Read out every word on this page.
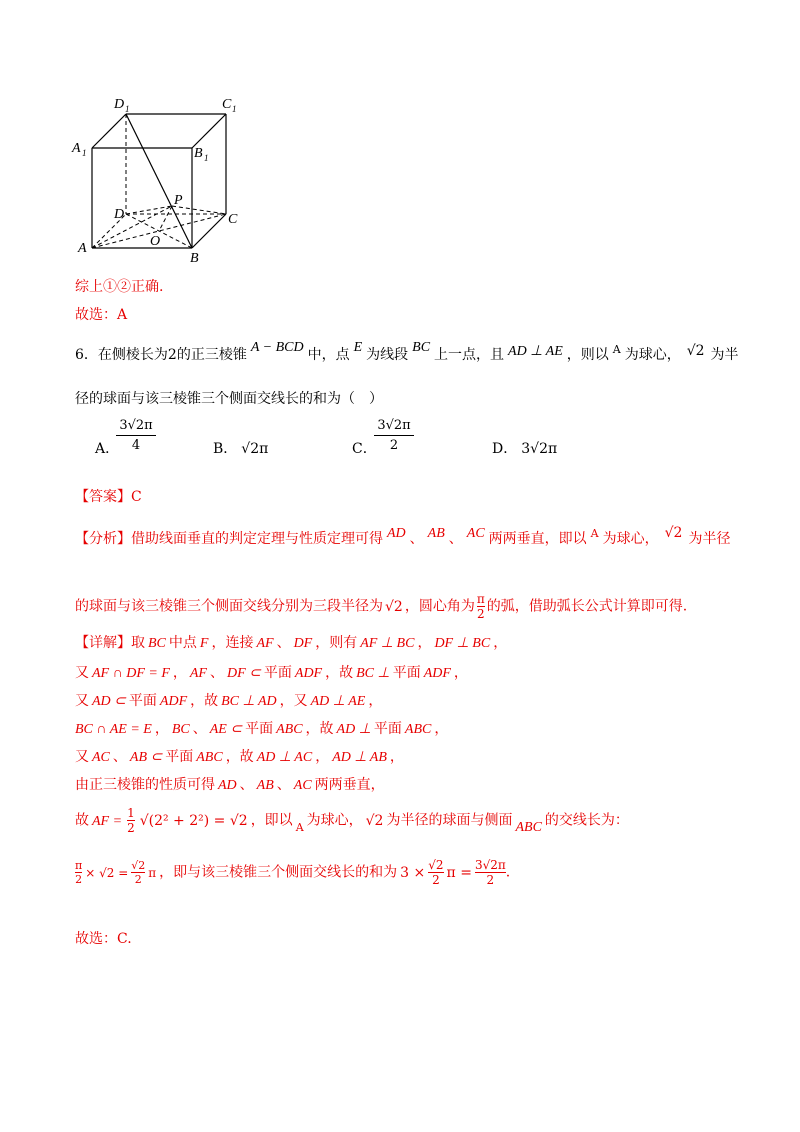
D 1	C 1
A 1	B 1
P
D	C
O
A
B
综上①②正确.
故选：A
6．在侧棱长为2的正三棱锥 A − BCD 中，点 E 为线段 BC 上一点，且 AD ⊥ AE ，则以 $^A$ 为球心， √2 为半
径的球面与该三棱锥三个侧面交线长的和为（　）
A．
3√2π
4	B． √2π	C．
3√2π
2	D． 3√2π
【答案】C
【分析】借助线面垂直的判定定理与性质定理可得 AD 、 AB 、 AC 两两垂直，即以 $^A$ 为球心， √2 为半径
的球面与该三棱锥三个侧面交线分别为三段半径为 √2 ，圆心角为 $\frac{\pi}{2}$ 的弧，借助弧长公式计算即可得.
【详解】取 BC 中点 F ，连接 AF 、 DF ，则有 AF ⊥ BC ， DF ⊥ BC ，
又 AF ∩ DF = F ， AF 、 DF ⊂ 平面 ADF ，故 BC ⊥ 平面 ADF ，
又 AD ⊂ 平面 ADF ，故 BC ⊥ AD ，又 AD ⊥ AE ，
BC ∩ AE = E ， BC 、 AE ⊂ 平面 ABC ，故 AD ⊥ 平面 ABC ，
又 AC 、 AB ⊂ 平面 ABC ，故 AD ⊥ AC ， AD ⊥ AB ，
由正三棱锥的性质可得 AD 、 AB 、 AC 两两垂直，
故 AF = $\frac{1}{2} √(2^2 + 2^2) = √2$ ，即以 $_A$ 为球心， √2 为半径的球面与侧面 ABC 的交线长为：
$\frac{\pi}{2} \times √2 = \frac{√2}{2}$ π ，即与该三棱锥三个侧面交线长的和为 $3 \times \frac{√2}{2}$ $\pi = \frac{3√2\pi}{2}$ .
故选：C.
